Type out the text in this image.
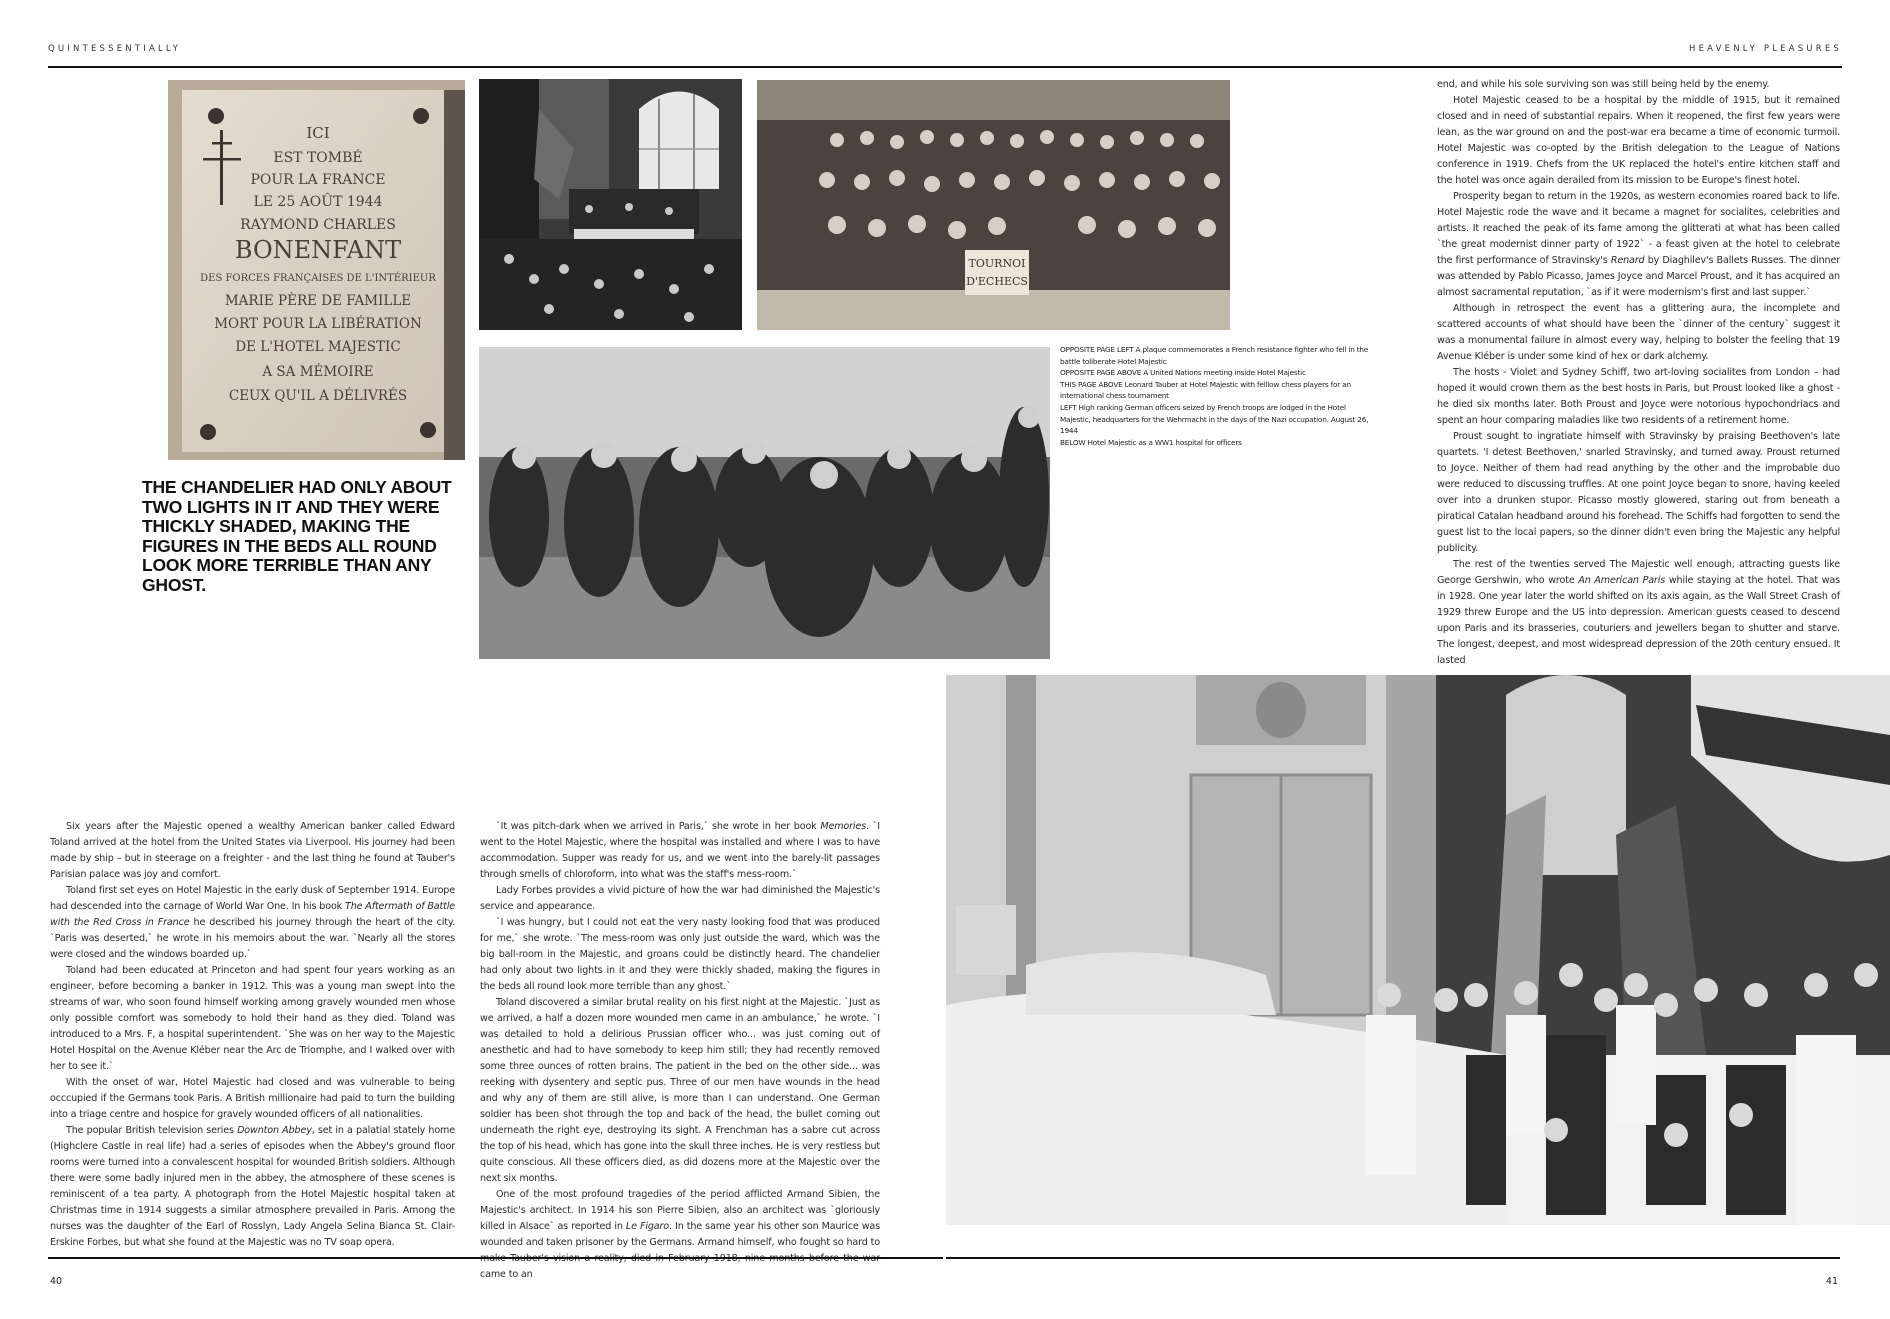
QUINTESSENTIALLY	HEAVENLY PLEASURES
ICI
EST TOMBÉ
POUR LA FRANCE
LE 25 AOÛT 1944
RAYMOND CHARLES
BONENFANT
DES FORCES FRANÇAISES DE L'INTÉRIEUR
MARIE PÈRE DE FAMILLE
MORT POUR LA LIBÉRATION
DE L'HOTEL MAJESTIC
A SA MÉMOIRE
CEUX QU'IL A DÉLIVRÉS
TOURNOI
D'ECHECS
OPPOSITE PAGE LEFT A plaque commemorates a French resistance fighter who fell in the battle toliberate Hotel Majestic
OPPOSITE PAGE ABOVE A United Nations meeting inside Hotel Majestic
THIS PAGE ABOVE Leonard Tauber at Hotel Majestic with felllow chess players for an international chess tournament
LEFT High ranking German officers seized by French troops are lodged in the Hotel Majestic, headquarters for the Wehrmacht in the days of the Nazi occupation. August 26, 1944
BELOW Hotel Majestic as a WW1 hospital for officers
THE CHANDELIER HAD ONLY ABOUT TWO LIGHTS IN IT AND THEY WERE THICKLY SHADED, MAKING THE FIGURES IN THE BEDS ALL ROUND LOOK MORE TERRIBLE THAN ANY GHOST.

end, and while his sole surviving son was still being held by the enemy.

Hotel Majestic ceased to be a hospital by the middle of 1915, but it remained closed and in need of substantial repairs. When it reopened, the first few years were lean, as the war ground on and the post-war era became a time of economic turmoil. Hotel Majestic was co-opted by the British delegation to the League of Nations conference in 1919. Chefs from the UK replaced the hotel's entire kitchen staff and the hotel was once again derailed from its mission to be Europe's finest hotel.

Prosperity began to return in the 1920s, as western economies roared back to life. Hotel Majestic rode the wave and it became a magnet for socialites, celebrities and artists. It reached the peak of its fame among the glitterati at what has been called `the great modernist dinner party of 1922` - a feast given at the hotel to celebrate the first performance of Stravinsky's Renard by Diaghilev's Ballets Russes. The dinner was attended by Pablo Picasso, James Joyce and Marcel Proust, and it has acquired an almost sacramental reputation, `as if it were modernism's first and last supper.`

Although in retrospect the event has a glittering aura, the incomplete and scattered accounts of what should have been the `dinner of the century` suggest it was a monumental failure in almost every way, helping to bolster the feeling that 19 Avenue Kléber is under some kind of hex or dark alchemy.

The hosts - Violet and Sydney Schiff, two art-loving socialites from London – had hoped it would crown them as the best hosts in Paris, but Proust looked like a ghost - he died six months later. Both Proust and Joyce were notorious hypochondriacs and spent an hour comparing maladies like two residents of a retirement home.

Proust sought to ingratiate himself with Stravinsky by praising Beethoven's late quartets. 'I detest Beethoven,' snarled Stravinsky, and turned away. Proust returned to Joyce. Neither of them had read anything by the other and the improbable duo were reduced to discussing truffles. At one point Joyce began to snore, having keeled over into a drunken stupor. Picasso mostly glowered, staring out from beneath a piratical Catalan headband around his forehead. The Schiffs had forgotten to send the guest list to the local papers, so the dinner didn't even bring the Majestic any helpful publicity.

The rest of the twenties served The Majestic well enough, attracting guests like George Gershwin, who wrote An American Paris while staying at the hotel. That was in 1928. One year later the world shifted on its axis again, as the Wall Street Crash of 1929 threw Europe and the US into depression. American guests ceased to descend upon Paris and its brasseries, couturiers and jewellers began to shutter and starve. The longest, deepest, and most widespread depression of the 20th century ensued. It lasted

Six years after the Majestic opened a wealthy American banker called Edward Toland arrived at the hotel from the United States via Liverpool. His journey had been made by ship – but in steerage on a freighter - and the last thing he found at Tauber's Parisian palace was joy and comfort.

Toland first set eyes on Hotel Majestic in the early dusk of September 1914. Europe had descended into the carnage of World War One. In his book The Aftermath of Battle with the Red Cross in France he described his journey through the heart of the city. `Paris was deserted,` he wrote in his memoirs about the war. `Nearly all the stores were closed and the windows boarded up.`

Toland had been educated at Princeton and had spent four years working as an engineer, before becoming a banker in 1912. This was a young man swept into the streams of war, who soon found himself working among gravely wounded men whose only possible comfort was somebody to hold their hand as they died. Toland was introduced to a Mrs. F, a hospital superintendent. `She was on her way to the Majestic Hotel Hospital on the Avenue Kléber near the Arc de Triomphe, and I walked over with her to see it.`

With the onset of war, Hotel Majestic had closed and was vulnerable to being occcupied if the Germans took Paris. A British millionaire had paid to turn the building into a triage centre and hospice for gravely wounded officers of all nationalities.

The popular British television series Downton Abbey, set in a palatial stately home (Highclere Castle in real life) had a series of episodes when the Abbey's ground floor rooms were turned into a convalescent hospital for wounded British soldiers. Although there were some badly injured men in the abbey, the atmosphere of these scenes is reminiscent of a tea party. A photograph from the Hotel Majestic hospital taken at Christmas time in 1914 suggests a similar atmosphere prevailed in Paris. Among the nurses was the daughter of the Earl of Rosslyn, Lady Angela Selina Bianca St. Clair-Erskine Forbes, but what she found at the Majestic was no TV soap opera.

`It was pitch-dark when we arrived in Paris,` she wrote in her book Memories. `I went to the Hotel Majestic, where the hospital was installed and where I was to have accommodation. Supper was ready for us, and we went into the barely-lit passages through smells of chloroform, into what was the staff's mess-room.`

Lady Forbes provides a vivid picture of how the war had diminished the Majestic's service and appearance.

`I was hungry, but I could not eat the very nasty looking food that was produced for me,` she wrote. `The mess-room was only just outside the ward, which was the big ball-room in the Majestic, and groans could be distinctly heard. The chandelier had only about two lights in it and they were thickly shaded, making the figures in the beds all round look more terrible than any ghost.`

Toland discovered a similar brutal reality on his first night at the Majestic. `Just as we arrived, a half a dozen more wounded men came in an ambulance,` he wrote. `I was detailed to hold a delirious Prussian officer who... was just coming out of anesthetic and had to have somebody to keep him still; they had recently removed some three ounces of rotten brains. The patient in the bed on the other side... was reeking with dysentery and septic pus. Three of our men have wounds in the head and why any of them are still alive, is more than I can understand. One German soldier has been shot through the top and back of the head, the bullet coming out underneath the right eye, destroying its sight. A Frenchman has a sabre cut across the top of his head, which has gone into the skull three inches. He is very restless but quite conscious. All these officers died, as did dozens more at the Majestic over the next six months.

One of the most profound tragedies of the period afflicted Armand Sibien, the Majestic's architect. In 1914 his son Pierre Sibien, also an architect was `gloriously killed in Alsace` as reported in Le Figaro. In the same year his other son Maurice was wounded and taken prisoner by the Germans. Armand himself, who fought so hard to came to an

40	41
